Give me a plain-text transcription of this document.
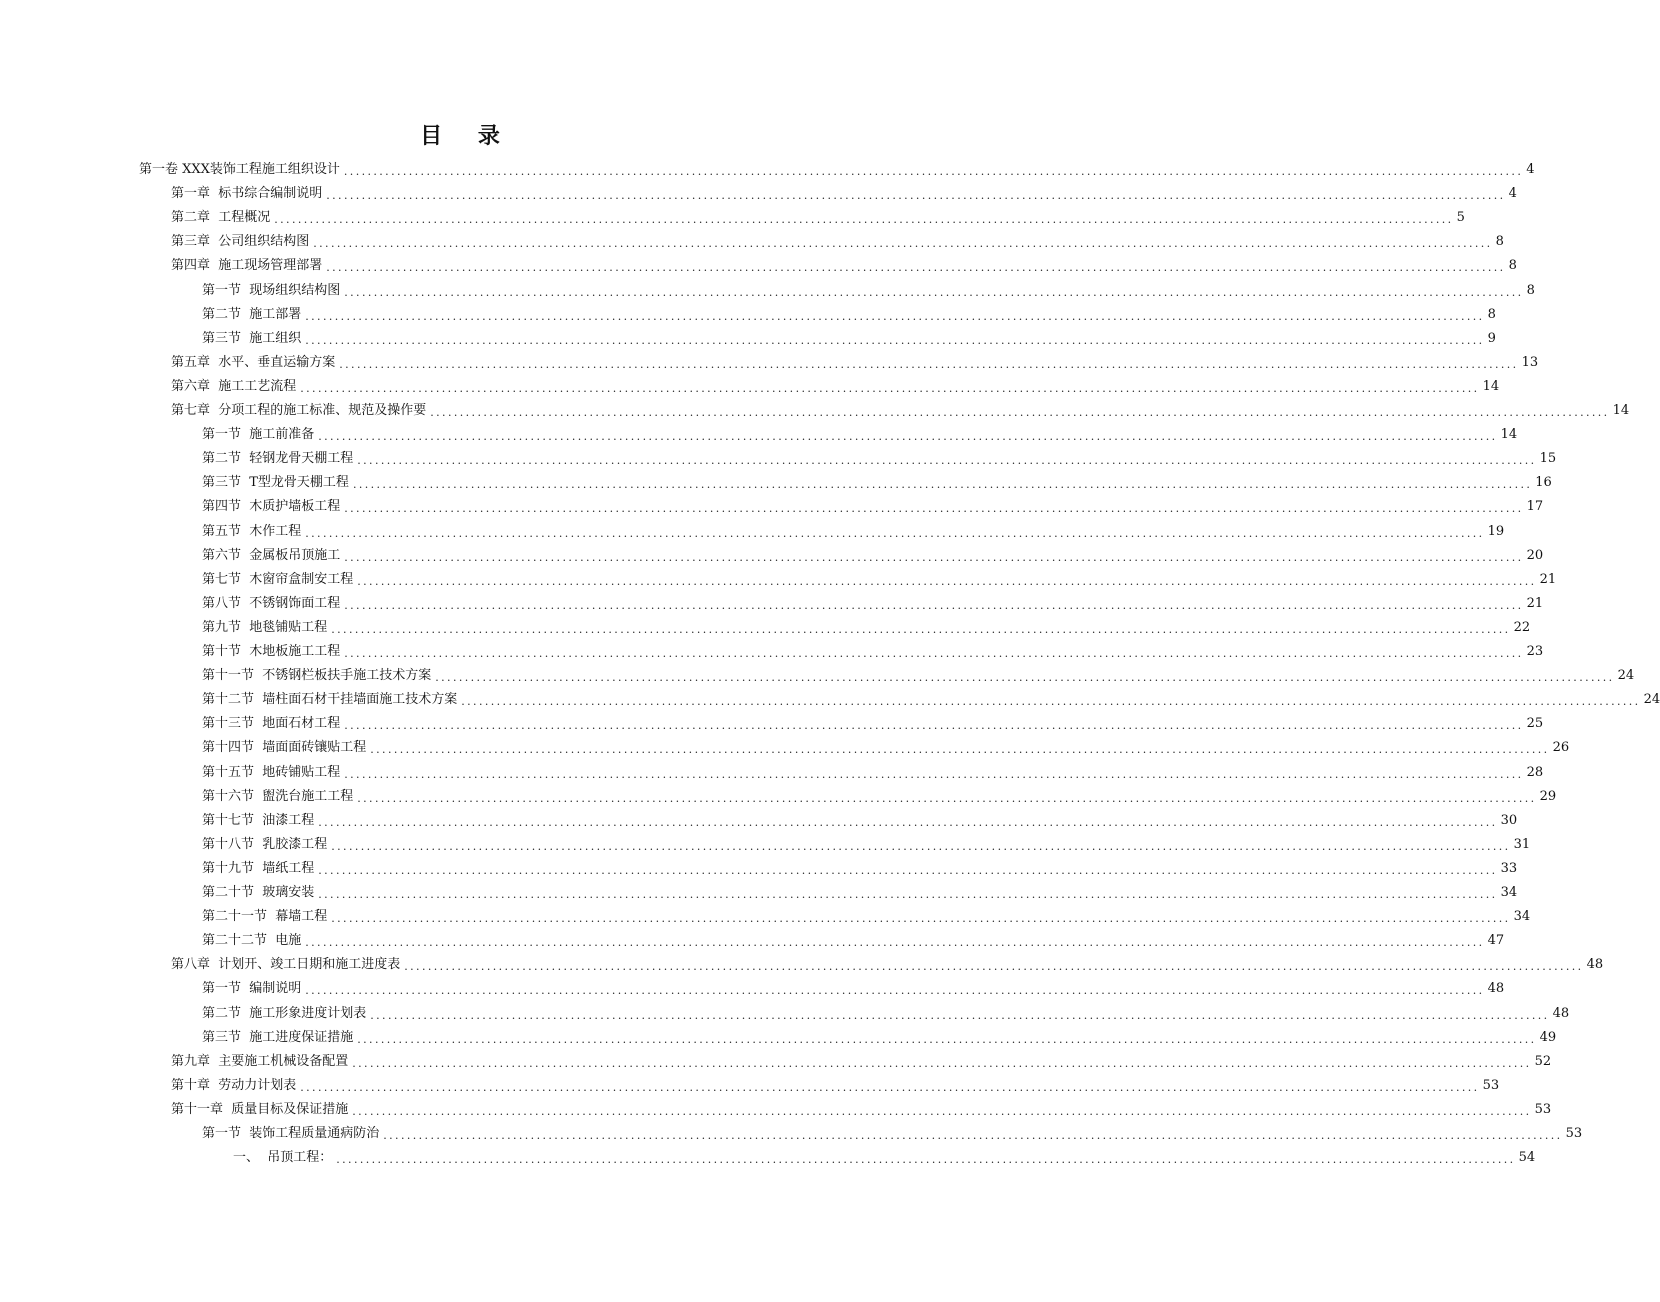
目 录
第一卷 XXX装饰工程施工组织设计 ........................................................................................................................................................................................................ 4
第一章  标书综合编制说明 ........................................................................................................................................................................................................ 4
第二章  工程概况 ........................................................................................................................................................................................................ 5
第三章  公司组织结构图 ........................................................................................................................................................................................................ 8
第四章  施工现场管理部署 ........................................................................................................................................................................................................ 8
第一节  现场组织结构图 ........................................................................................................................................................................................................ 8
第二节  施工部署 ........................................................................................................................................................................................................ 8
第三节  施工组织 ........................................................................................................................................................................................................ 9
第五章  水平、垂直运输方案 ........................................................................................................................................................................................................ 13
第六章  施工工艺流程 ........................................................................................................................................................................................................ 14
第七章  分项工程的施工标准、规范及操作要 ........................................................................................................................................................................................................ 14
第一节  施工前准备 ........................................................................................................................................................................................................ 14
第二节  轻钢龙骨天棚工程 ........................................................................................................................................................................................................ 15
第三节  T型龙骨天棚工程 ........................................................................................................................................................................................................ 16
第四节  木质护墙板工程 ........................................................................................................................................................................................................ 17
第五节  木作工程 ........................................................................................................................................................................................................ 19
第六节  金属板吊顶施工 ........................................................................................................................................................................................................ 20
第七节  木窗帘盒制安工程 ........................................................................................................................................................................................................ 21
第八节  不锈钢饰面工程 ........................................................................................................................................................................................................ 21
第九节  地毯铺贴工程 ........................................................................................................................................................................................................ 22
第十节  木地板施工工程 ........................................................................................................................................................................................................ 23
第十一节  不锈钢栏板扶手施工技术方案 ........................................................................................................................................................................................................ 24
第十二节  墙柱面石材干挂墙面施工技术方案 ........................................................................................................................................................................................................ 24
第十三节  地面石材工程 ........................................................................................................................................................................................................ 25
第十四节  墙面面砖镶贴工程 ........................................................................................................................................................................................................ 26
第十五节  地砖铺贴工程 ........................................................................................................................................................................................................ 28
第十六节  盥洗台施工工程 ........................................................................................................................................................................................................ 29
第十七节  油漆工程 ........................................................................................................................................................................................................ 30
第十八节  乳胶漆工程 ........................................................................................................................................................................................................ 31
第十九节  墙纸工程 ........................................................................................................................................................................................................ 33
第二十节  玻璃安装 ........................................................................................................................................................................................................ 34
第二十一节  幕墙工程 ........................................................................................................................................................................................................ 34
第二十二节  电施 ........................................................................................................................................................................................................ 47
第八章  计划开、竣工日期和施工进度表 ........................................................................................................................................................................................................ 48
第一节  编制说明 ........................................................................................................................................................................................................ 48
第二节  施工形象进度计划表 ........................................................................................................................................................................................................ 48
第三节  施工进度保证措施 ........................................................................................................................................................................................................ 49
第九章  主要施工机械设备配置 ........................................................................................................................................................................................................ 52
第十章  劳动力计划表 ........................................................................................................................................................................................................ 53
第十一章  质量目标及保证措施 ........................................................................................................................................................................................................ 53
第一节  装饰工程质量通病防治 ........................................................................................................................................................................................................ 53
一、  吊顶工程： ........................................................................................................................................................................................................ 54
